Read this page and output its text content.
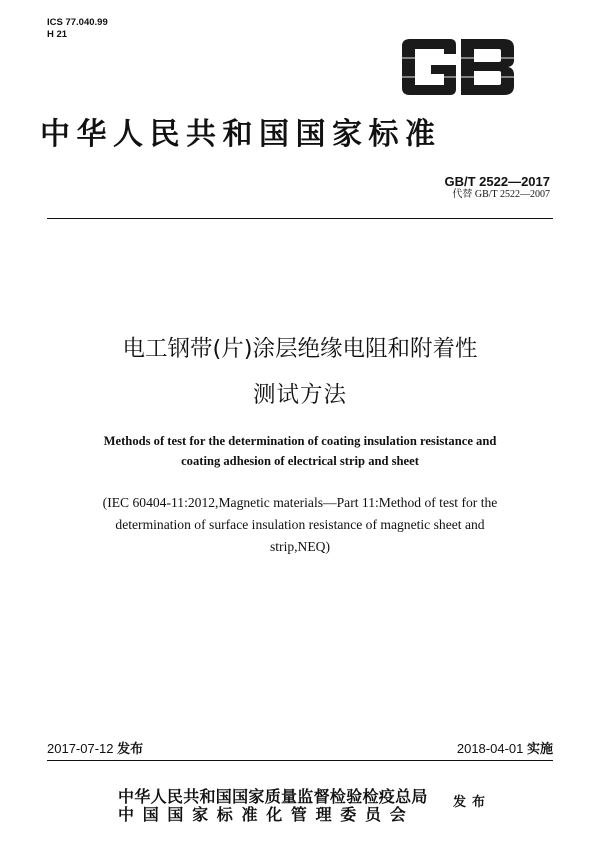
ICS 77.040.99
H 21
中华人民共和国国家标准
GB/T 2522—2017
代替 GB/T 2522—2007
电工钢带(片)涂层绝缘电阻和附着性
测试方法
Methods of test for the determination of coating insulation resistance and
coating adhesion of electrical strip and sheet
(IEC 60404-11:2012,Magnetic materials—Part 11:Method of test for the
determination of surface insulation resistance of magnetic sheet and
strip,NEQ)
2017-07-12 发布	2018-04-01 实施
中华人民共和国国家质量监督检验检疫总局
中国国家标准化管理委员会
发布
